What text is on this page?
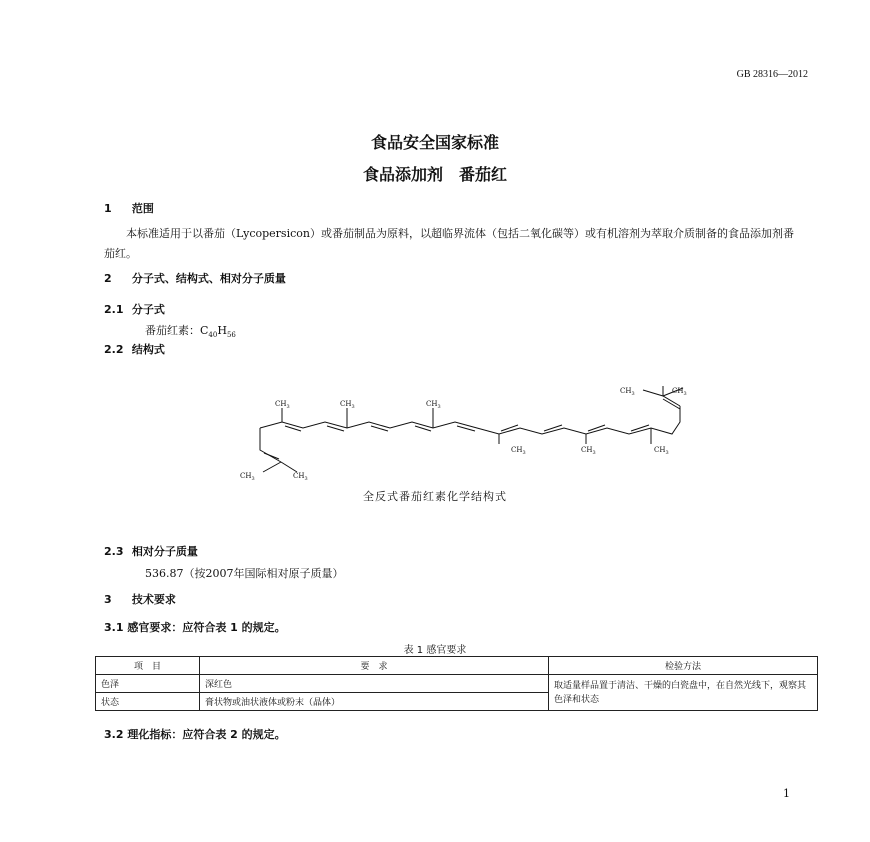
GB 28316—2012
食品安全国家标准
食品添加剂　番茄红
1 范围
本标准适用于以番茄（Lycopersicon）或番茄制品为原料，以超临界流体（包括二氧化碳等）或有机溶剂为萃取介质制备的食品添加剂番茄红。
2 分子式、结构式、相对分子质量
2.1 分子式
番茄红素：$C_{40}H_{56}$
2.2 结构式
$CH_3$	$CH_3$	$CH_3$
$CH_3$	$CH_3$	$CH_3$
$CH_3$	$CH_3$
$CH_3$	$CH_3$
全反式番茄红素化学结构式
2.3 相对分子质量
536.87（按2007年国际相对原子质量）
3 技术要求
3.1 感官要求：应符合表 1 的规定。
表 1 感官要求
项　目	要　求	检验方法
色泽	深红色	取适量样品置于清洁、干燥的白瓷盘中，在自然光线下，观察其色泽和状态
状态	膏状物或油状液体或粉末（晶体）	
3.2 理化指标：应符合表 2 的规定。
1
